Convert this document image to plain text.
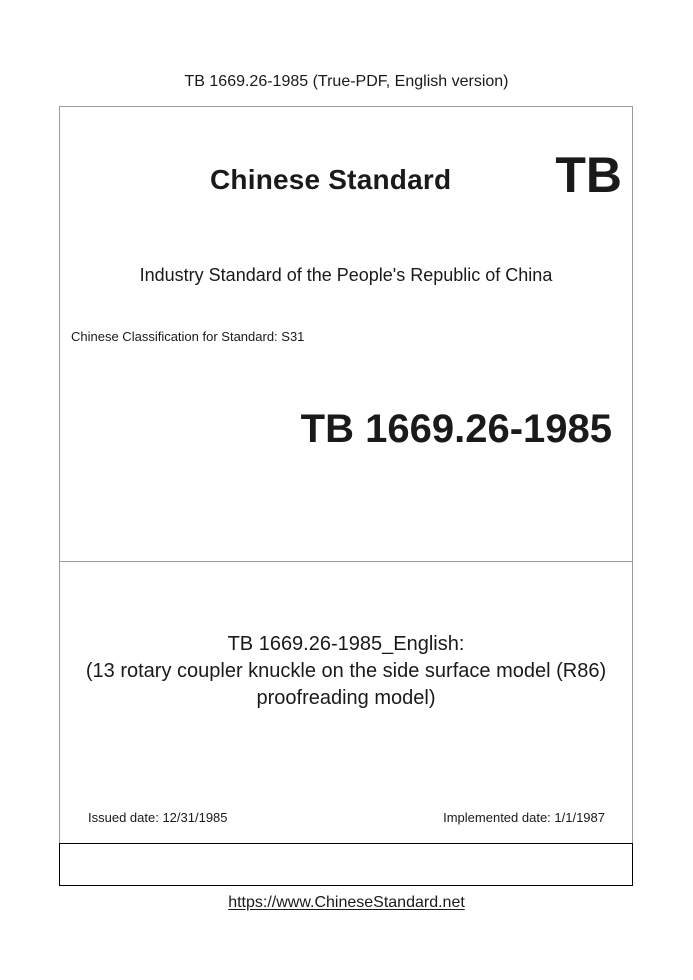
TB 1669.26-1985 (True-PDF, English version)
Chinese Standard TB
Industry Standard of the People's Republic of China
Chinese Classification for Standard: S31
TB 1669.26-1985
TB 1669.26-1985_English:
(13 rotary coupler knuckle on the side surface model (R86)
proofreading model)
Issued date: 12/31/1985	Implemented date: 1/1/1987
https://www.ChineseStandard.net
